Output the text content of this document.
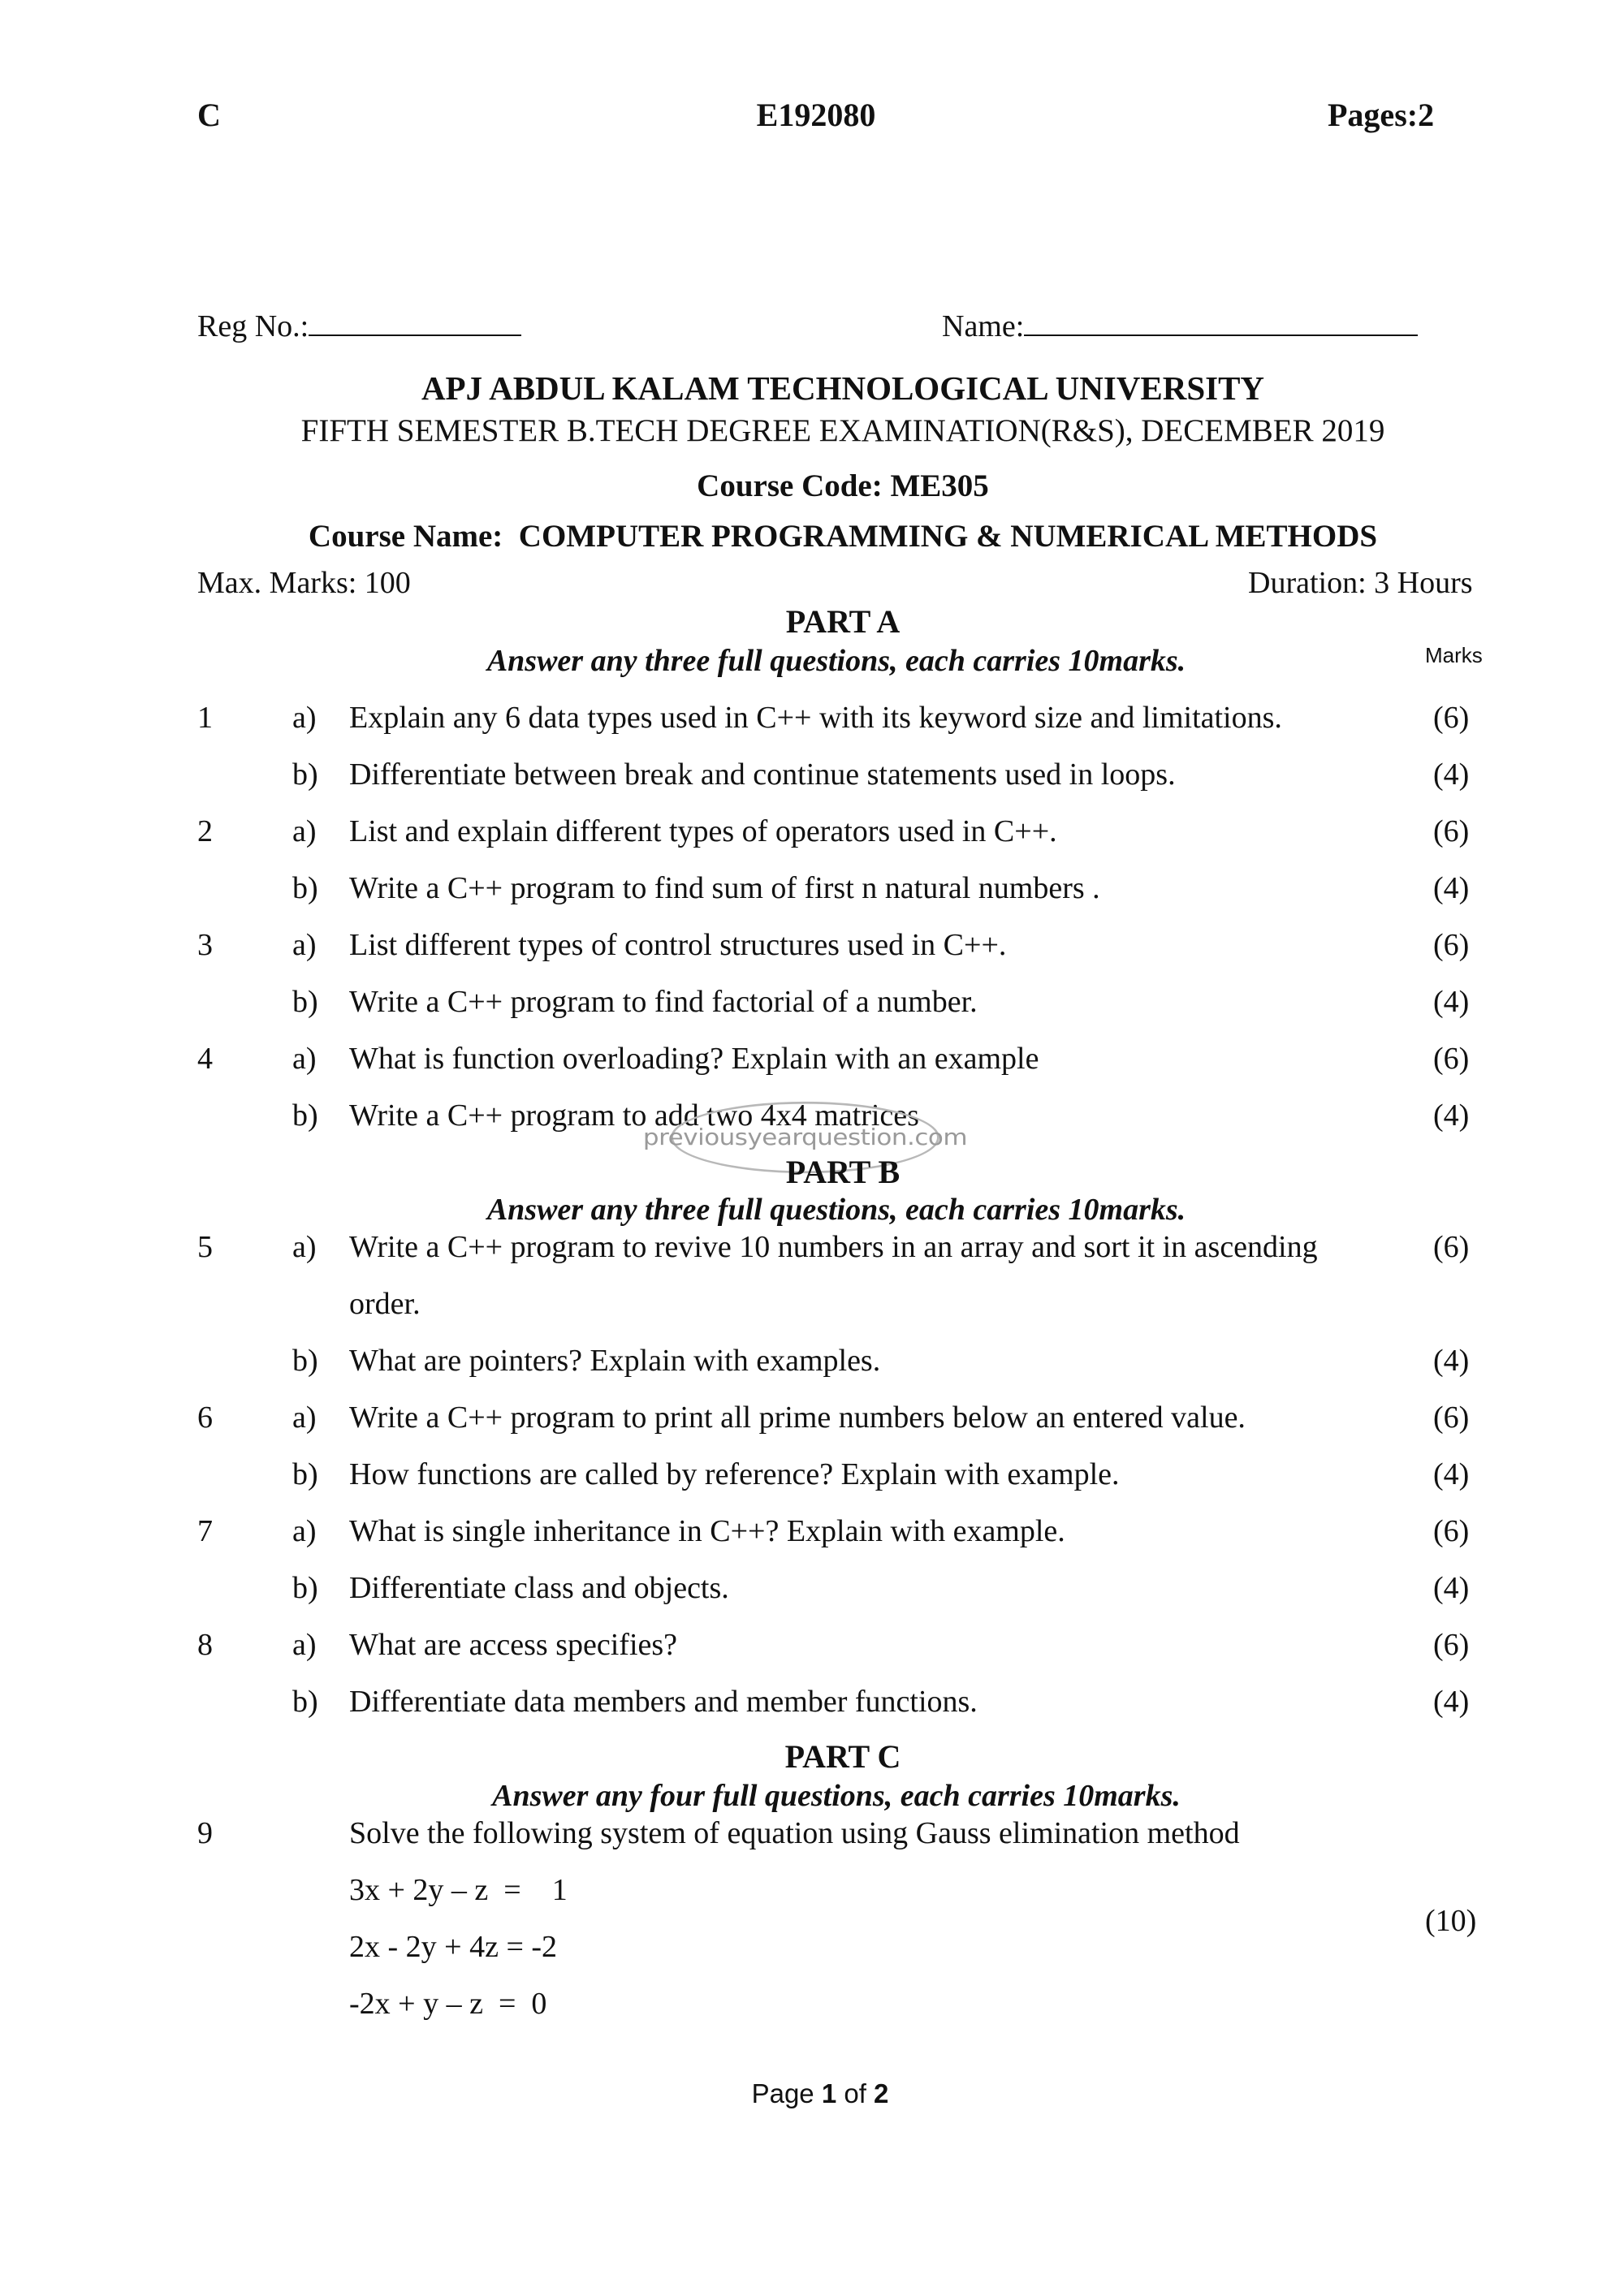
C	E192080	Pages:2
Reg No.:	Name:
APJ ABDUL KALAM TECHNOLOGICAL UNIVERSITY
FIFTH SEMESTER B.TECH DEGREE EXAMINATION(R&S), DECEMBER 2019
Course Code: ME305
Course Name:  COMPUTER PROGRAMMING & NUMERICAL METHODS
Max. Marks: 100	Duration: 3 Hours
PART A
Answer any three full questions, each carries 10marks.	Marks
1	a) Explain any 6 data types used in C++ with its keyword size and limitations.	(6)
b) Differentiate between break and continue statements used in loops.	(4)
2	a) List and explain different types of operators used in C++.	(6)
b) Write a C++ program to find sum of first n natural numbers .	(4)
3	a) List different types of control structures used in C++.	(6)
b) Write a C++ program to find factorial of a number.	(4)
4	a) What is function overloading? Explain with an example	(6)
b) Write a C++ program to add two 4x4 matrices	(4)
previousyearquestion.com
PART B
Answer any three full questions, each carries 10marks.
5	a) Write a C++ program to revive 10 numbers in an array and sort it in ascending	(6)
order.
b) What are pointers? Explain with examples.	(4)
6	a) Write a C++ program to print all prime numbers below an entered value.	(6)
b) How functions are called by reference? Explain with example.	(4)
7	a) What is single inheritance in C++? Explain with example.	(6)
b) Differentiate class and objects.	(4)
8	a) What are access specifies?	(6)
b) Differentiate data members and member functions.	(4)
PART C
Answer any four full questions, each carries 10marks.
9	Solve the following system of equation using Gauss elimination method
3x + 2y – z  =    1
2x - 2y + 4z = -2
-2x + y – z  =  0
(10)
Page 1 of 2
